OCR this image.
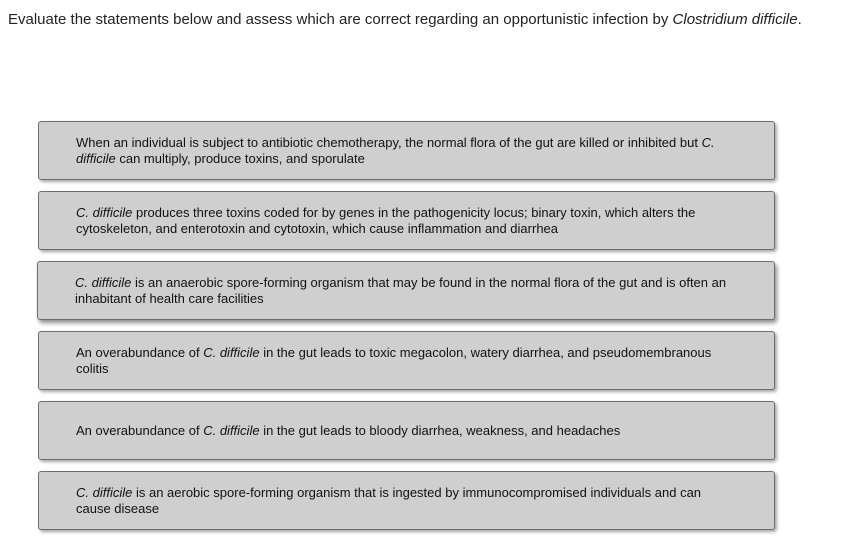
Evaluate the statements below and assess which are correct regarding an opportunistic infection by Clostridium difficile.
When an individual is subject to antibiotic chemotherapy, the normal flora of the gut are killed or inhibited but C. difficile can multiply, produce toxins, and sporulate
C. difficile produces three toxins coded for by genes in the pathogenicity locus; binary toxin, which alters the cytoskeleton, and enterotoxin and cytotoxin, which cause inflammation and diarrhea
C. difficile is an anaerobic spore-forming organism that may be found in the normal flora of the gut and is often an inhabitant of health care facilities
An overabundance of C. difficile in the gut leads to toxic megacolon, watery diarrhea, and pseudomembranous colitis
An overabundance of C. difficile in the gut leads to bloody diarrhea, weakness, and headaches
C. difficile is an aerobic spore-forming organism that is ingested by immunocompromised individuals and can cause disease
